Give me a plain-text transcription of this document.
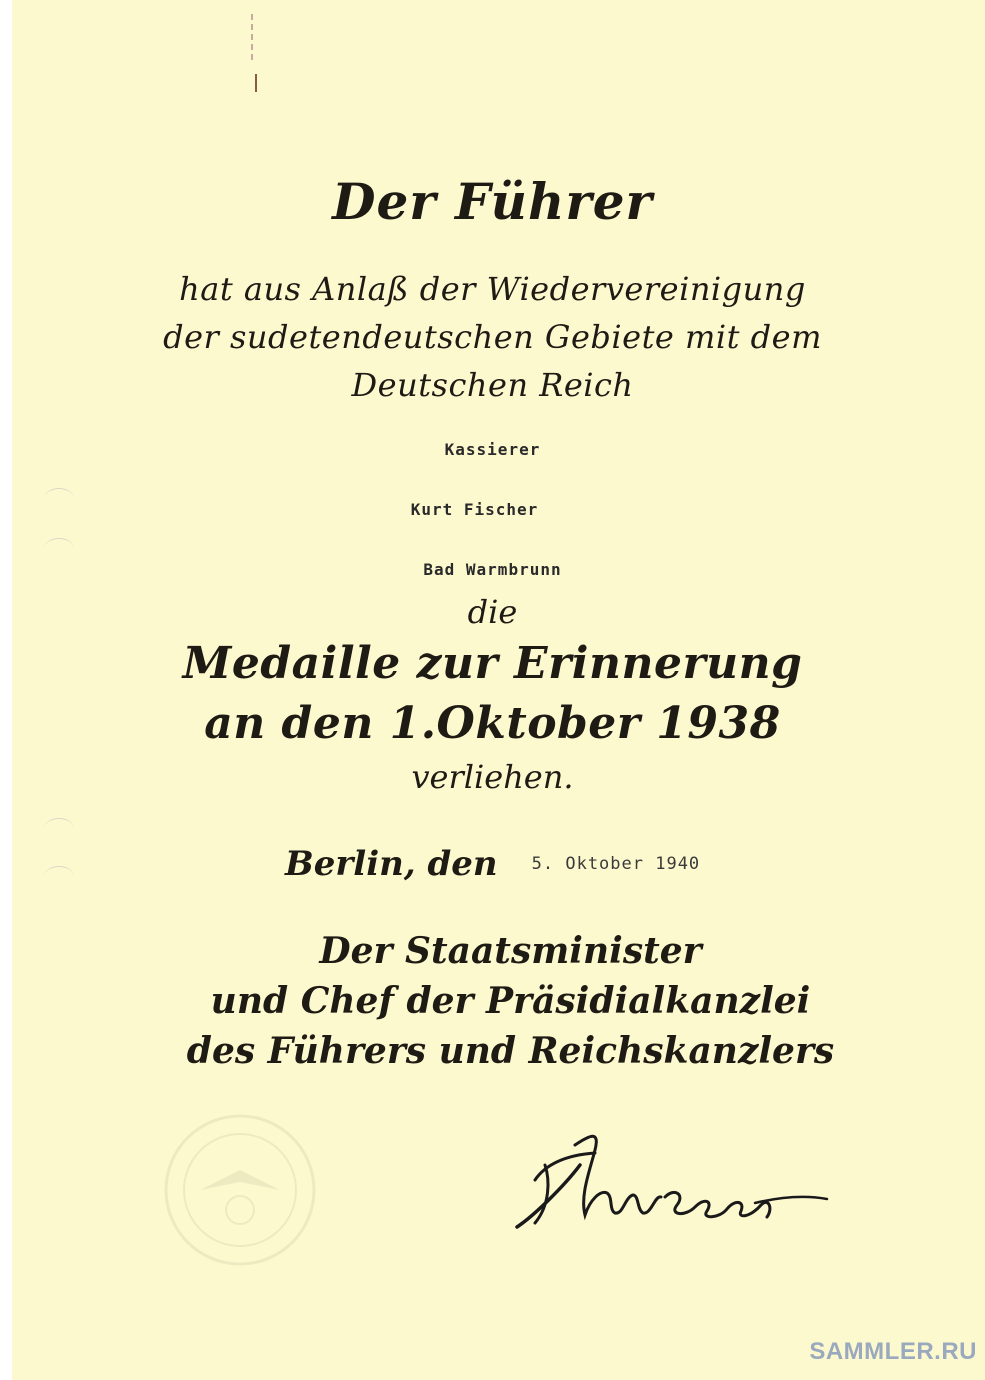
Der Führer
hat aus Anlaß der Wiedervereinigung
der sudetendeutschen Gebiete mit dem
Deutschen Reich
Kassierer
Kurt Fischer
Bad Warmbrunn
die
Medaille zur Erinnerung
an den 1.Oktober 1938
verliehen.
Berlin, den 5. Oktober 1940
Der Staatsminister
und Chef der Präsidialkanzlei
des Führers und Reichskanzlers
SAMMLER.RU
